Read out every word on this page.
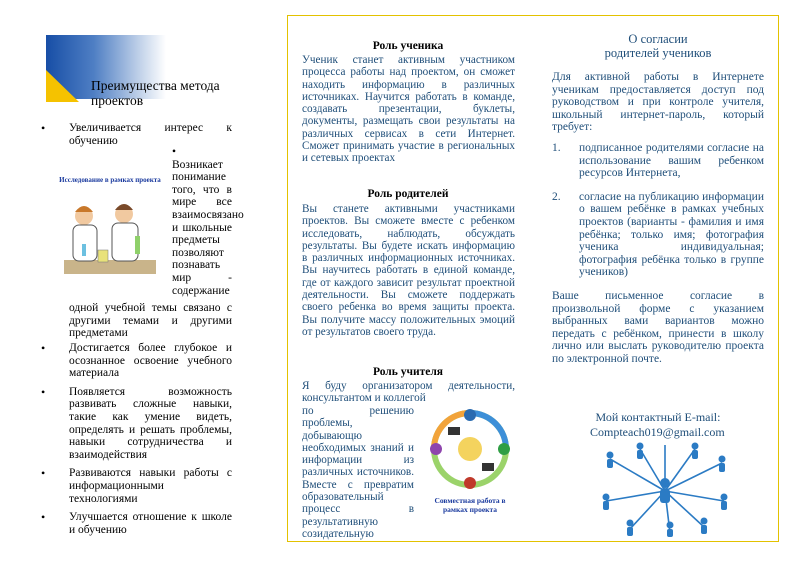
Преимущества метода проектов
• Увеличивается интерес к обучению
Исследование в рамках проекта
•Возникает понимание того, что в мире все взаимосвязано и школьные предметы позволяют познавать мир - содержание
одной учебной темы связано с другими темами и другими предметами
• Достигается более глубокое и осознанное освоение учебного материала
• Появляется возможность развивать сложные навыки, такие как умение видеть, определять и решать проблемы, навыки сотрудничества и взаимодействия
• Развиваются навыки работы с информационными технологиями
• Улучшается отношение к школе и обучению
Роль ученика
Ученик станет активным участником процесса работы над проектом, он сможет находить информацию в различных источниках. Научится работать в команде, создавать презентации, буклеты, документы, размещать свои результаты на различных сервисах в сети Интернет. Сможет принимать участие в региональных и сетевых проектах
Роль родителей
Вы станете активными участниками проектов. Вы сможете вместе с ребенком исследовать, наблюдать, обсуждать результаты. Вы будете искать информацию в различных информационных источниках. Вы научитесь работать в единой команде, где от каждого зависит результат проектной деятельности. Вы сможете поддержать своего ребенка во время защиты проекта. Вы получите массу положительных эмоций от результатов своего труда.
Роль учителя
Я буду организатором деятельности, консультантом и коллегой
по решению проблемы, добывающю необходимых знаний и информации из различных источников. Вместе с превратим образовательный процесс в результативную созидательную
Совместная работа в рамках проекта
О согласии
родителей учеников
Для активной работы в Интернете ученикам предоставляется доступ под руководством и при контроле учителя, школьный интернет-пароль, который требует:
1. подписанное родителями согласие на использование вашим ребенком ресурсов Интернета,
2. согласие на публикацию информации о вашем ребёнке в рамках учебных проектов (варианты - фамилия и имя ребёнка; только имя; фотография ученика индивидуальная; фотография ребёнка только в группе учеников)
Ваше письменное согласие в произвольной форме с указанием выбранных вами вариантов можно передать с ребёнком, принести в школу лично или выслать руководителю проекта по электронной почте.
Мой контактный E-mail:
Compteach019@gmail.com
